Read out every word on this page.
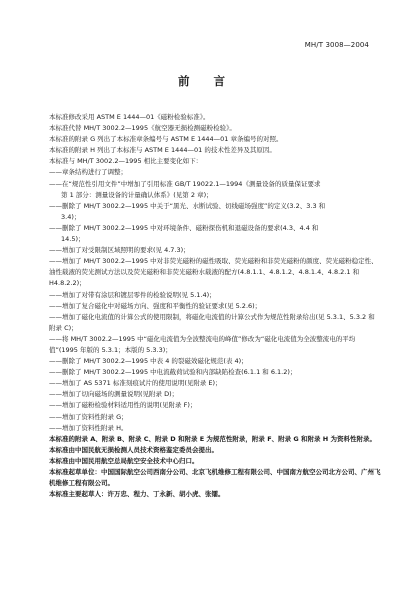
MH/T 3008—2004
前 言

本标准修改采用 ASTM E 1444—01《磁粉检验标准》。

本标准代替 MH/T 3002.2—1995《航空器无损检测磁粉检验》。

本标准的附录 G 列出了本标准章条编号与 ASTM E 1444—01 章条编号的对照。

本标准的附录 H 列出了本标准与 ASTM E 1444—01 的技术性差异及其原因。

本标准与 MH/T 3002.2—1995 相比主要变化如下：

——章条结构进行了调整；

——在“规范性引用文件”中增加了引用标准 GB/T 19022.1—1994《测量设备的质量保证要求

第 1 部分：测量设备的计量确认体系》(见第 2 章)；

——删除了 MH/T 3002.2—1995 中关于“黑光、水断试验、切线磁场强度”的定义(3.2、3.3 和

3.4)；

——删除了 MH/T 3002.2—1995 中对环境条件、磁粉探伤机和退磁设备的要求(4.3、4.4 和

14.5)；

——增加了对受限制区域照明的要求(见 4.7.3)；

——增加了 MH/T 3002.2—1995 中对非荧光磁粉的磁性吸取、荧光磁粉和非荧光磁粉的颜度、荧光磁粉稳定性、油性载液的荧光测试方法以及荧光磁粉和非荧光磁粉水载液的配方(4.8.1.1、4.8.1.2、4.8.1.4、4.8.2.1 和 H4.8.2.2)；

——增加了对带有涂层和镀层零件的检验说明(见 5.1.4)；

——增加了复合磁化中对磁场方向、强度和平衡性的验证要求(见 5.2.6)；

——增加了磁化电流值的计算公式的使用限制，将磁化电流值的计算公式作为规范性附录给出(见 5.3.1、5.3.2 和附录 C)；

——将 MH/T 3002.2—1995 中“磁化电流值为全波整流电的峰值”修改为“磁化电流值为全波整流电的平均值”(1995 年版的 5.3.1；本版的 5.3.3)；

——删除了 MH/T 3002.2—1995 中表 4 的裂磁效磁化规范(表 4)；

——删除了 MH/T 3002.2—1995 中电流截荷试验和内部缺陷检查(6.1.1 和 6.1.2)；

——增加了 AS 5371 标准刻痕试片的使用说明(见附录 E)；

——增加了切向磁场的测量说明(见附录 D)；

——增加了磁粉检验材料适用性的说明(见附录 F)；

——增加了资料性附录 G；

——增加了资料性附录 H。

本标准的附录 A、附录 B、附录 C、附录 D 和附录 E 为规范性附录，附录 F、附录 G 和附录 H 为资料性附录。

本标准由中国民航无损检测人员技术资格鉴定委员会提出。

本标准由中国民用航空总局航空安全技术中心归口。

本标准起草单位：中国国际航空公司西南分公司、北京飞机维修工程有限公司、中国南方航空公司北方公司、广州飞机维修工程有限公司。

本标准主要起草人：许万忠、程力、丁永新、胡小虎、张镭。
